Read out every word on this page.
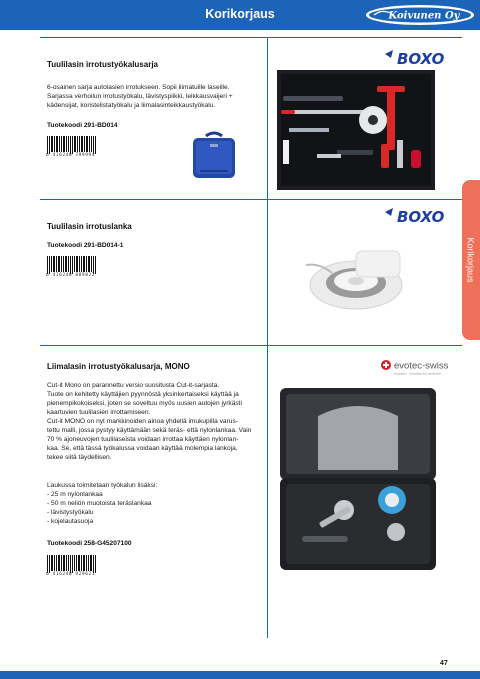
Korikorjaus	Koivunen Oy
Korikorjaus
Tuulilasin irrotustyökalusarja
6-osainen sarja autolasien irrotukseen. Sopii liimatuille laseille.
Sarjassa verhoilun irrotustyökalu, lävistyspiikki, leikkausvaijeri +
kädensijat, koristelistatyökalu ja liimalasinteikkaustyökalu.
Tuotekoodi 291-BD014
6 416240 799994
BOXO
Tuulilasin irrotuslanka
Tuotekoodi 291-BD014-1
6 416240 809822
BOXO
Liimalasin irrotustyökalusarja, MONO
Cut-it Mono on parannettu versio suositusta Cut-it-sarjasta.
Tuote on kehitetty käyttäjien pyynnöstä yksinkertaiseksi käyttää ja
pienempikokoiseksi, joten se soveltuu myös uusien autojen jyrkästi
kaartuvien tuulilasien irrottamiseen.
Cut-it MONO on nyt markkinoiden ainoa yhdellä imukupilla varus-
tettu malli, jossa pystyy käyttämään sekä teräs- että nylonlankaa. Vain
70 % ajoneuvojen tuulilaseista voidaan irrottaa käyttäen nylonlan-
kaa. Se, että tässä työkalussa voidaan käyttää molempia lankoja,
tekee siitä täydellisen.
Laukussa toimitetaan työkalun lisäksi:
- 25 m nylonlankaa
- 50 m neliön muotoista teräslankaa
- lävistystyökalu
- kojelautasuoja
Tuotekoodi 258-G45207100
6 416240 929621
evotec-swiss
innovation · consulting and production
47
